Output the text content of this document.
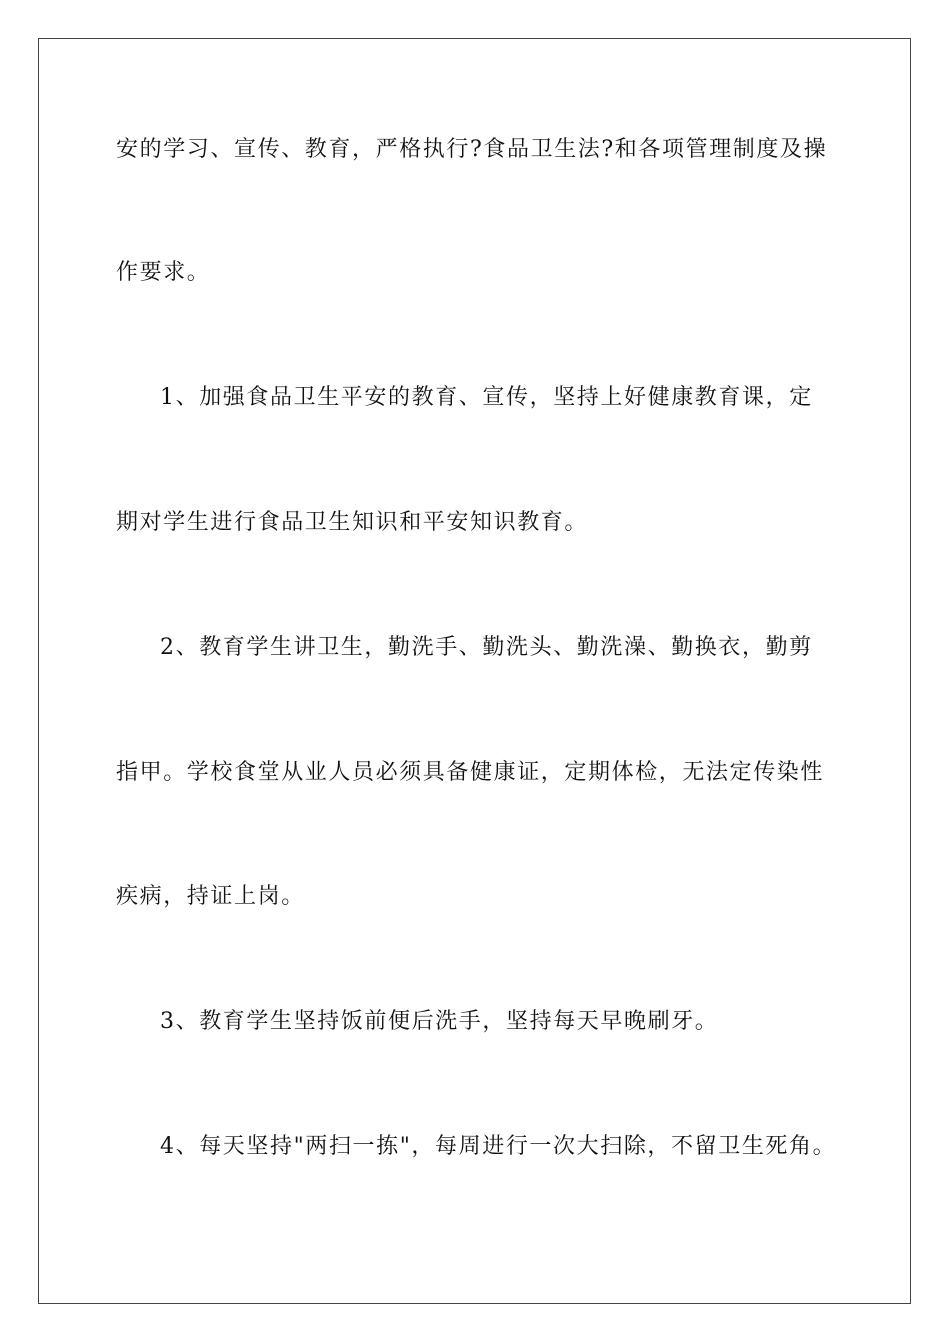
安的学习、宣传、教育，严格执行?食品卫生法?和各项管理制度及操
作要求。
1、加强食品卫生平安的教育、宣传，坚持上好健康教育课，定
期对学生进行食品卫生知识和平安知识教育。
2、教育学生讲卫生，勤洗手、勤洗头、勤洗澡、勤换衣，勤剪
指甲。学校食堂从业人员必须具备健康证，定期体检，无法定传染性
疾病，持证上岗。
3、教育学生坚持饭前便后洗手，坚持每天早晚刷牙。
4、每天坚持"两扫一拣"，每周进行一次大扫除，不留卫生死角。
